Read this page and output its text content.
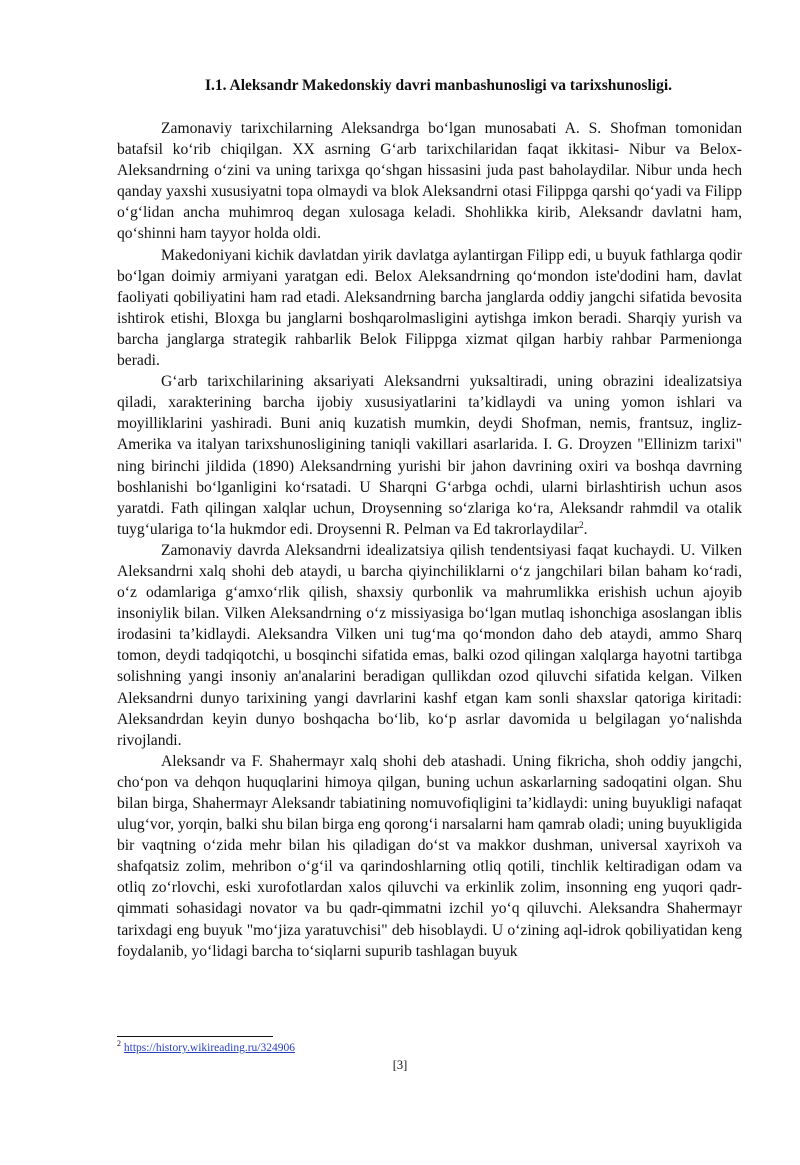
I.1. Aleksandr Makedonskiy davri manbashunosligi va tarixshunosligi.

Zamonaviy tarixchilarning Aleksandrga bo‘lgan munosabati A. S. Shofman tomonidan batafsil ko‘rib chiqilgan. XX asrning G‘arb tarixchilaridan faqat ikkitasi- Nibur va Belox-Aleksandrning o‘zini va uning tarixga qo‘shgan hissasini juda past baholaydilar. Nibur unda hech qanday yaxshi xususiyatni topa olmaydi va blok Aleksandrni otasi Filippga qarshi qo‘yadi va Filipp o‘g‘lidan ancha muhimroq degan xulosaga keladi. Shohlikka kirib, Aleksandr davlatni ham, qo‘shinni ham tayyor holda oldi.

Makedoniyani kichik davlatdan yirik davlatga aylantirgan Filipp edi, u buyuk fathlarga qodir bo‘lgan doimiy armiyani yaratgan edi. Belox Aleksandrning qo‘mondon iste'dodini ham, davlat faoliyati qobiliyatini ham rad etadi. Aleksandrning barcha janglarda oddiy jangchi sifatida bevosita ishtirok etishi, Bloxga bu janglarni boshqarolmasligini aytishga imkon beradi. Sharqiy yurish va barcha janglarga strategik rahbarlik Belok Filippga xizmat qilgan harbiy rahbar Parmenionga beradi.

G‘arb tarixchilarining aksariyati Aleksandrni yuksaltiradi, uning obrazini idealizatsiya qiladi, xarakterining barcha ijobiy xususiyatlarini ta’kidlaydi va uning yomon ishlari va moyilliklarini yashiradi. Buni aniq kuzatish mumkin, deydi Shofman, nemis, frantsuz, ingliz-Amerika va italyan tarixshunosligining taniqli vakillari asarlarida. I. G. Droyzen "Ellinizm tarixi" ning birinchi jildida (1890) Aleksandrning yurishi bir jahon davrining oxiri va boshqa davrning boshlanishi bo‘lganligini ko‘rsatadi. U Sharqni G‘arbga ochdi, ularni birlashtirish uchun asos yaratdi. Fath qilingan xalqlar uchun, Droysenning so‘zlariga ko‘ra, Aleksandr rahmdil va otalik tuyg‘ulariga to‘la hukmdor edi. Droysenni R. Pelman va Ed takrorlaydilar$^2$.

Zamonaviy davrda Aleksandrni idealizatsiya qilish tendentsiyasi faqat kuchaydi. U. Vilken Aleksandrni xalq shohi deb ataydi, u barcha qiyinchiliklarni o‘z jangchilari bilan baham ko‘radi, o‘z odamlariga g‘amxo‘rlik qilish, shaxsiy qurbonlik va mahrumlikka erishish uchun ajoyib insoniylik bilan. Vilken Aleksandrning o‘z missiyasiga bo‘lgan mutlaq ishonchiga asoslangan iblis irodasini ta’kidlaydi. Aleksandra Vilken uni tug‘ma qo‘mondon daho deb ataydi, ammo Sharq tomon, deydi tadqiqotchi, u bosqinchi sifatida emas, balki ozod qilingan xalqlarga hayotni tartibga solishning yangi insoniy an'analarini beradigan qullikdan ozod qiluvchi sifatida kelgan. Vilken Aleksandrni dunyo tarixining yangi davrlarini kashf etgan kam sonli shaxslar qatoriga kiritadi: Aleksandrdan keyin dunyo boshqacha bo‘lib, ko‘p asrlar davomida u belgilagan yo‘nalishda rivojlandi.

Aleksandr va F. Shahermayr xalq shohi deb atashadi. Uning fikricha, shoh oddiy jangchi, cho‘pon va dehqon huquqlarini himoya qilgan, buning uchun askarlarning sadoqatini olgan. Shu bilan birga, Shahermayr Aleksandr tabiatining nomuvofiqligini ta’kidlaydi: uning buyukligi nafaqat ulug‘vor, yorqin, balki shu bilan birga eng qorong‘i narsalarni ham qamrab oladi; uning buyukligida bir vaqtning o‘zida mehr bilan his qiladigan do‘st va makkor dushman, universal xayrixoh va shafqatsiz zolim, mehribon o‘g‘il va qarindoshlarning otliq qotili, tinchlik keltiradigan odam va otliq zo‘rlovchi, eski xurofotlardan xalos qiluvchi va erkinlik zolim, insonning eng yuqori qadr-qimmati sohasidagi novator va bu qadr-qimmatni izchil yo‘q qiluvchi. Aleksandra Shahermayr tarixdagi eng buyuk "mo‘jiza yaratuvchisi" deb hisoblaydi. U o‘zining aql-idrok qobiliyatidan keng foydalanib, yo‘lidagi barcha to‘siqlarni supurib tashlagan buyuk

$^2$ https://history.wikireading.ru/324906
[3]
